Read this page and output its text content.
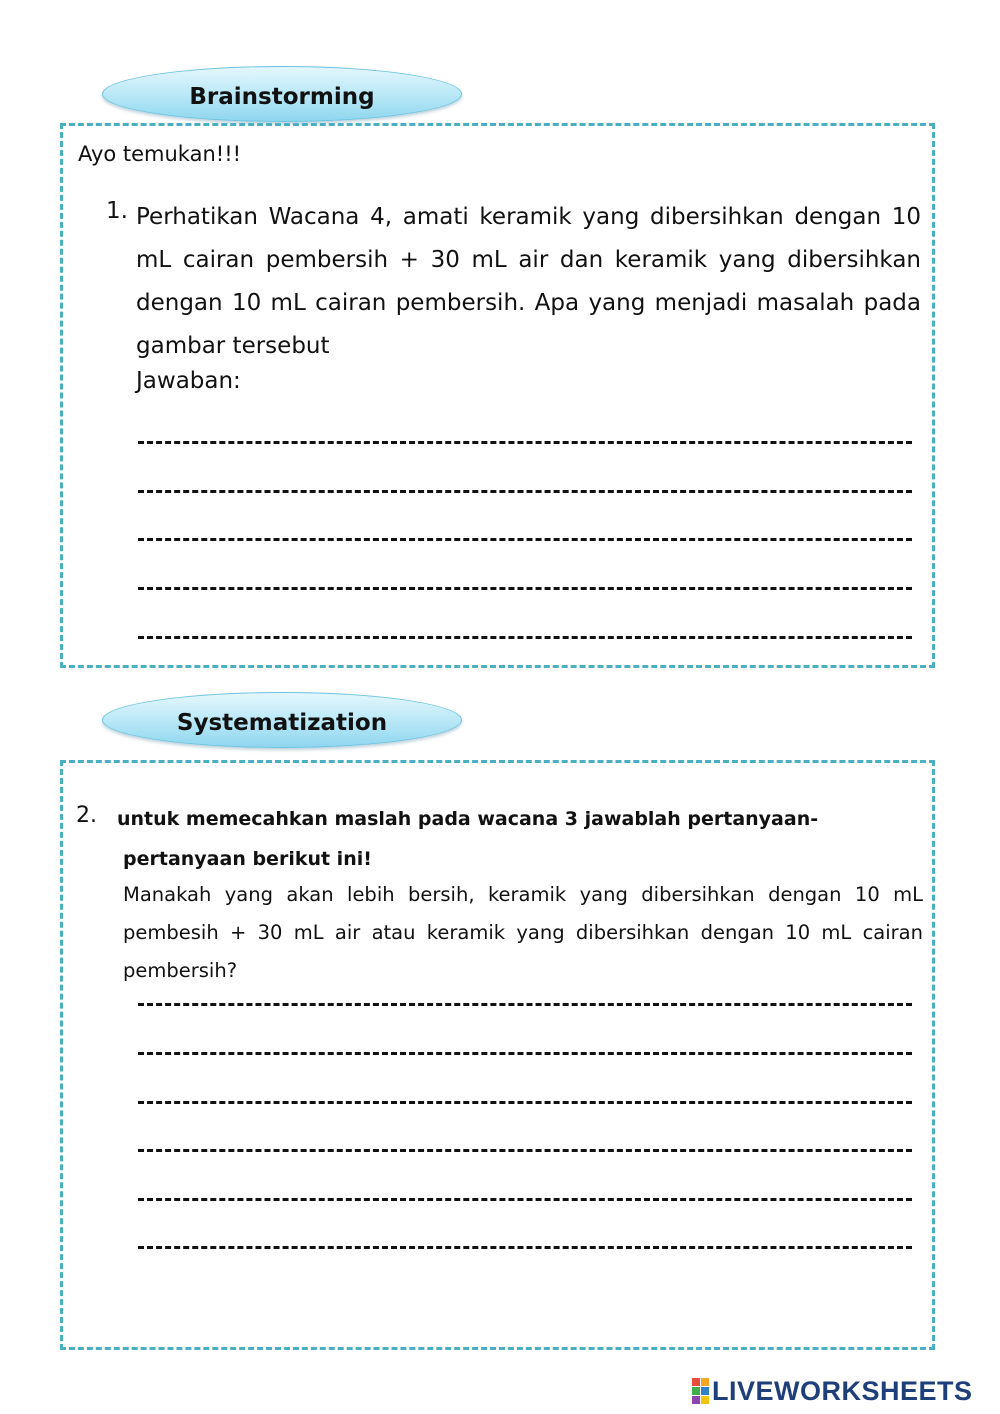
Brainstorming

Ayo temukan!!!

1. Perhatikan Wacana 4, amati keramik yang dibersihkan dengan 10 mL cairan pembersih + 30 mL air dan keramik yang dibersihkan dengan 10 mL cairan pembersih. Apa yang menjadi masalah pada gambar tersebut

Jawaban:
Systematization
2. untuk memecahkan maslah pada wacana 3 jawablah pertanyaan-
pertanyaan berikut ini!

Manakah yang akan lebih bersih, keramik yang dibersihkan dengan 10 mL pembesih + 30 mL air atau keramik yang dibersihkan dengan 10 mL cairan pembersih?

LIVEWORKSHEETS
